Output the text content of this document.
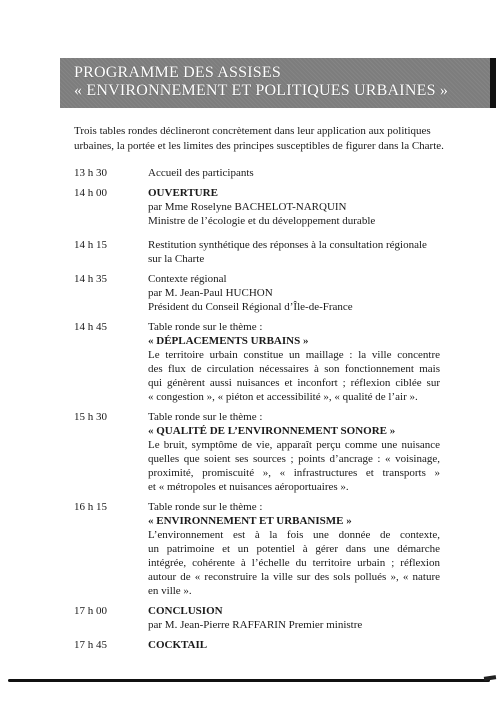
PROGRAMME DES ASSISES
« ENVIRONNEMENT ET POLITIQUES URBAINES »
Trois tables rondes déclineront concrètement dans leur application aux politiques
urbaines, la portée et les limites des principes susceptibles de figurer dans la Charte.
13 h 30	Accueil des participants
14 h 00	OUVERTURE
par Mme Roselyne BACHELOT-NARQUIN
Ministre de l’écologie et du développement durable
14 h 15	Restitution synthétique des réponses à la consultation régionale
sur la Charte
14 h 35	Contexte régional
par M. Jean-Paul HUCHON
Président du Conseil Régional d’Île-de-France
14 h 45	Table ronde sur le thème :
« DÉPLACEMENTS URBAINS »
Le territoire urbain constitue un maillage : la ville concentre
des flux de circulation nécessaires à son fonctionnement mais
qui génèrent aussi nuisances et inconfort ; réflexion ciblée sur
« congestion », « piéton et accessibilité », « qualité de l’air ».
15 h 30	Table ronde sur le thème :
« QUALITÉ DE L’ENVIRONNEMENT SONORE »
Le bruit, symptôme de vie, apparaît perçu comme une nuisance
quelles que soient ses sources ; points d’ancrage : « voisinage,
proximité, promiscuité », « infrastructures et transports »
et « métropoles et nuisances aéroportuaires ».
16 h 15	Table ronde sur le thème :
« ENVIRONNEMENT ET URBANISME »
L’environnement est à la fois une donnée de contexte,
un patrimoine et un potentiel à gérer dans une démarche
intégrée, cohérente à l’échelle du territoire urbain ; réflexion
autour de « reconstruire la ville sur des sols pollués », « nature
en ville ».
17 h 00	CONCLUSION
par M. Jean-Pierre RAFFARIN Premier ministre
17 h 45	COCKTAIL
